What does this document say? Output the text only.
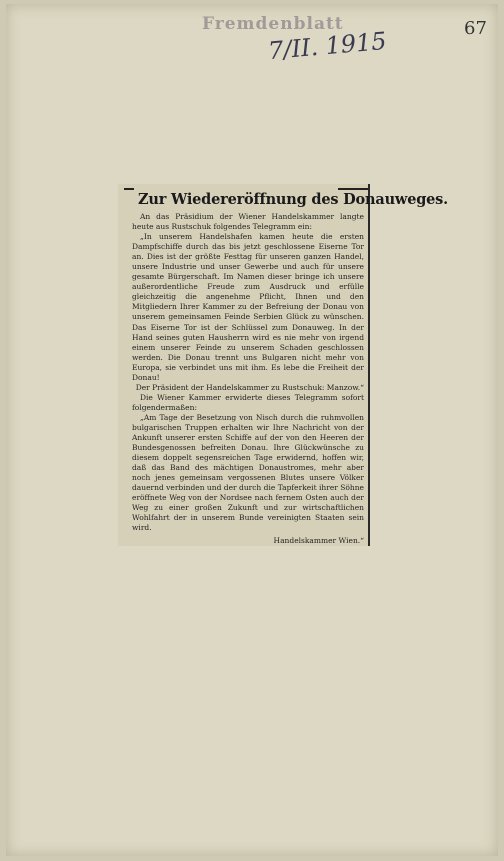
Fremdenblatt
7/II. 1915	67
Zur Wiedereröffnung des Donauweges.

An das Präsidium der Wiener Handelskammer langte heute aus Rustschuk folgendes Telegramm ein:

„In unserem Handelshafen kamen heute die ersten Dampfschiffe durch das bis jetzt geschlossene Eiserne Tor an. Dies ist der größte Festtag für unseren ganzen Handel, unsere Industrie und unser Gewerbe und auch für unsere gesamte Bürgerschaft. Im Namen dieser bringe ich unsere außerordentliche Freude zum Ausdruck und erfülle gleichzeitig die angenehme Pflicht, Ihnen und den Mitgliedern Ihrer Kammer zu der Befreiung der Donau von unserem gemeinsamen Feinde Serbien Glück zu wünschen. Das Eiserne Tor ist der Schlüssel zum Donauweg. In der Hand seines guten Hausherrn wird es nie mehr von irgend einem unserer Feinde zu unserem Schaden geschlossen werden. Die Donau trennt uns Bulgaren nicht mehr von Europa, sie verbindet uns mit ihm. Es lebe die Freiheit der Donau!

Der Präsident der Handelskammer zu Rustschuk: Manzow.“

Die Wiener Kammer erwiderte dieses Telegramm sofort folgendermaßen:

„Am Tage der Besetzung von Nisch durch die ruhmvollen bulgarischen Truppen erhalten wir Ihre Nachricht von der Ankunft unserer ersten Schiffe auf der von den Heeren der Bundesgenossen befreiten Donau. Ihre Glückwünsche zu diesem doppelt segensreichen Tage erwidernd, hoffen wir, daß das Band des mächtigen Donaustromes, mehr aber noch jenes gemeinsam vergossenen Blutes unsere Völker dauernd verbinden und der durch die Tapferkeit ihrer Söhne eröffnete Weg von der Nordsee nach fernem Osten auch der Weg zu einer großen Zukunft und zur wirtschaftlichen Wohlfahrt der in unserem Bunde vereinigten Staaten sein wird.

Handelskammer Wien.“
